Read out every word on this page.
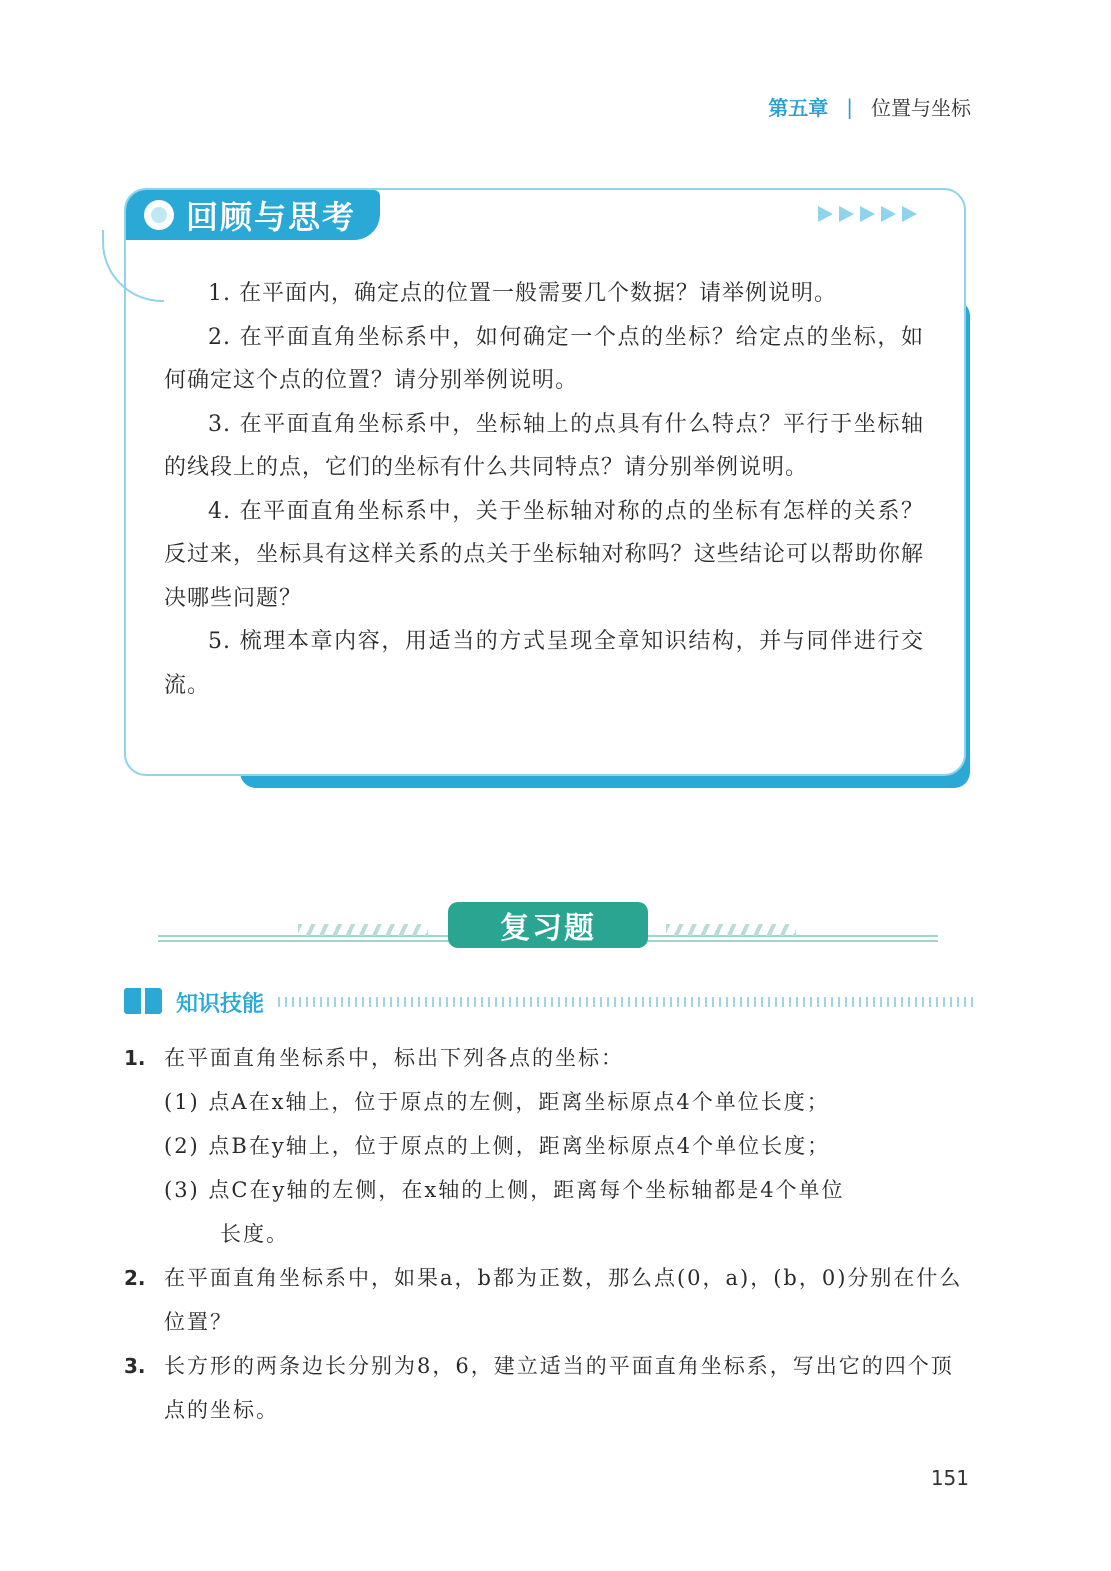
第五章 | 位置与坐标
回顾与思考

1. 在平面内，确定点的位置一般需要几个数据？请举例说明。

2. 在平面直角坐标系中，如何确定一个点的坐标？给定点的坐标，如何确定这个点的位置？请分别举例说明。

3. 在平面直角坐标系中，坐标轴上的点具有什么特点？平行于坐标轴的线段上的点，它们的坐标有什么共同特点？请分别举例说明。

4. 在平面直角坐标系中，关于坐标轴对称的点的坐标有怎样的关系？反过来，坐标具有这样关系的点关于坐标轴对称吗？这些结论可以帮助你解决哪些问题？

5. 梳理本章内容，用适当的方式呈现全章知识结构，并与同伴进行交流。

复习题
知识技能
1. 在平面直角坐标系中，标出下列各点的坐标：
(1) 点A在x轴上，位于原点的左侧，距离坐标原点4个单位长度；
(2) 点B在y轴上，位于原点的上侧，距离坐标原点4个单位长度；
(3) 点C在y轴的左侧，在x轴的上侧，距离每个坐标轴都是4个单位
长度。
2. 在平面直角坐标系中，如果a，b都为正数，那么点(0，a)，(b，0)分别在什么位置？
3. 长方形的两条边长分别为8，6，建立适当的平面直角坐标系，写出它的四个顶点的坐标。
151
